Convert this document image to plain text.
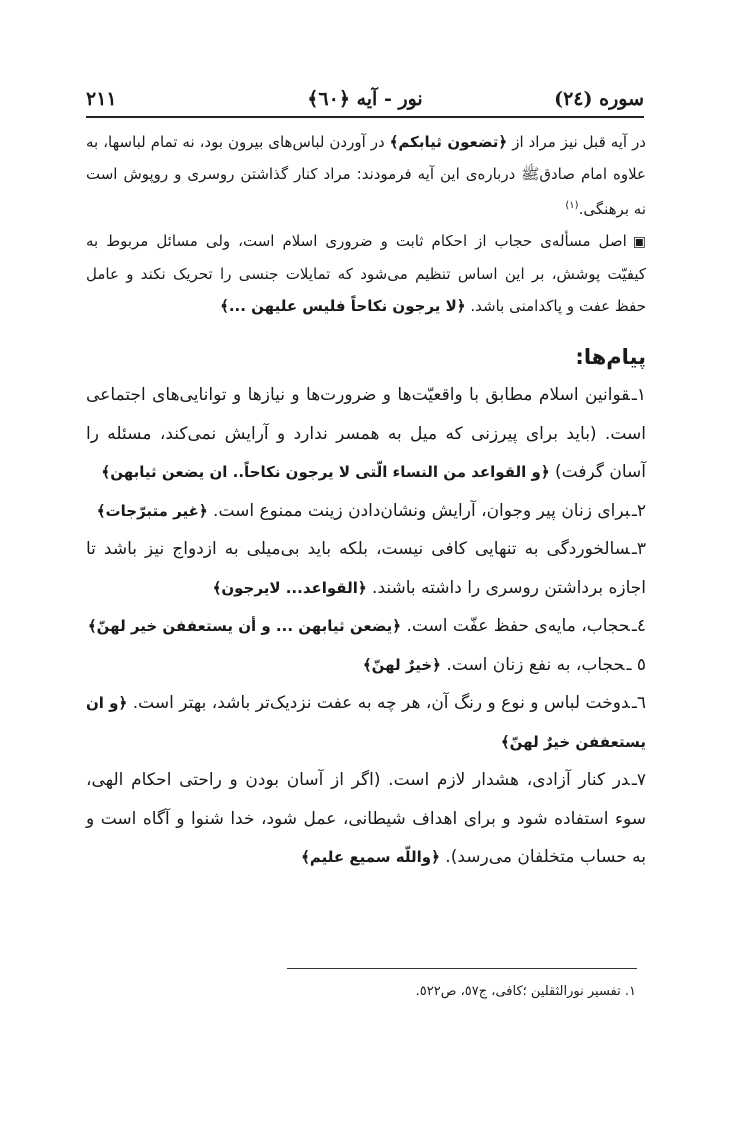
سوره (٢٤)
نور - آیه ﴿٦٠﴾
٢١١

در آیه قبل نیز مراد از ﴿تضعون ثيابكم﴾ در آوردن لباس‌های بیرون بود، نه تمام لباسها، به علاوه امام صادقﷺ درباره‌ی این آیه فرمودند: مراد کنار گذاشتن روسری و روپوش است نه برهنگی.$^{(١)}$

▣اصل مسأله‌ی حجاب از احکام ثابت و ضروری اسلام است، ولی مسائل مربوط به کیفیّت پوشش، بر این اساس تنظیم می‌شود که تمایلات جنسی را تحریک نکند و عامل حفظ عفت و پاکدامنی باشد. ﴿لا يرجون نكاحاً فليس عليهن ...﴾

پیام‌ها:
١ـقوانین اسلام مطابق با واقعیّت‌ها و ضرورت‌ها و نیازها و توانایی‌های اجتماعی است. (باید برای پیرزنی که میل به همسر ندارد و آرایش نمی‌کند، مسئله را آسان گرفت) ﴿و القواعد من النساء الّتى لا يرجون نكاحاً.. ان يضعن ثيابهن﴾
٢ـبرای زنان پیر وجوان، آرایش ونشان‌دادن زینت ممنوع است. ﴿غير متبرّجات﴾
٣ـسالخوردگی به تنهایی کافی نیست، بلکه باید بی‌میلی به ازدواج نیز باشد تا اجازه برداشتن روسری را داشته باشند. ﴿القواعد... لايرجون﴾
٤ـحجاب، مایه‌ی حفظ عفّت است. ﴿يضعن ثيابهن ... و أن يستعففن خير لهنّ﴾
٥ ـحجاب، به نفع زنان است. ﴿خيرٌ لهنّ﴾
٦ـدوخت لباس و نوع و رنگ آن، هر چه به عفت نزدیک‌تر باشد، بهتر است. ﴿و ان يستعففن خيرٌ لهنّ﴾
٧ـدر کنار آزادی، هشدار لازم است. (اگر از آسان بودن و راحتی احکام الهی، سوء استفاده شود و برای اهداف شیطانی، عمل شود، خدا شنوا و آگاه است و به حساب متخلفان می‌رسد). ﴿واللّه سميع عليم﴾
١. تفسیر نورالثقلین ؛کافی، ج٥٧، ص٥٢٢.
